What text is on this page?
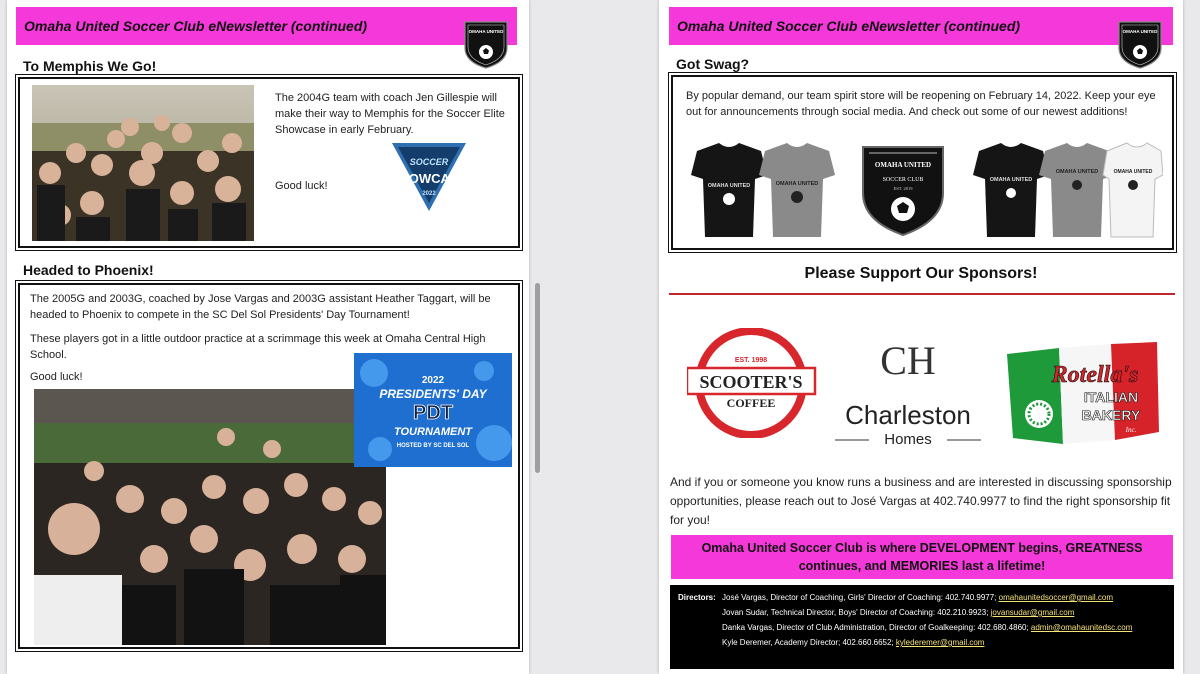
Omaha United Soccer Club eNewsletter (continued)	OMAHA UNITED
To Memphis We Go!
The 2004G team with coach Jen Gillespie will make their way to Memphis for the Soccer Elite Showcase in early February.
Good luck!
SOCCER
SHOWCASE
2022
Headed to Phoenix!
The 2005G and 2003G, coached by Jose Vargas and 2003G assistant Heather Taggart, will be headed to Phoenix to compete in the SC Del Sol Presidents' Day Tournament!
These players got in a little outdoor practice at a scrimmage this week at Omaha Central High School.
Good luck!	2022
PRESIDENTS' DAY
PDT
TOURNAMENT
HOSTED BY SC DEL SOL
Omaha United Soccer Club eNewsletter (continued)	OMAHA UNITED
Got Swag?
By popular demand, our team spirit store will be reopening on February 14, 2022. Keep your eye out for announcements through social media. And check out some of our newest additions!
OMAHA UNITED	OMAHA UNITED
OMAHA UNITED
SOCCER CLUB
EST. 2019
OMAHA UNITED
OMAHA UNITED	OMAHA UNITED
Please Support Our Sponsors!
EST. 1998
SCOOTER'S
COFFEE
CH
Charleston
Homes
Rotella's
ITALIAN
BAKERY
Inc.
And if you or someone you know runs a business and are interested in discussing sponsorship opportunities, please reach out to José Vargas at 402.740.9977 to find the right sponsorship fit for you!
Omaha United Soccer Club is where DEVELOPMENT begins, GREATNESS continues, and MEMORIES last a lifetime!
Directors: José Vargas, Director of Coaching, Girls' Director of Coaching: 402.740.9977; omahaunitedsoccer@gmail.com
Jovan Sudar, Technical Director, Boys' Director of Coaching: 402.210.9923; jovansudar@gmail.com
Danka Vargas, Director of Club Administration, Director of Goalkeeping: 402.680.4860; admin@omahaunitedsc.com
Kyle Deremer, Academy Director; 402.660.6652; kylederemer@gmail.com
